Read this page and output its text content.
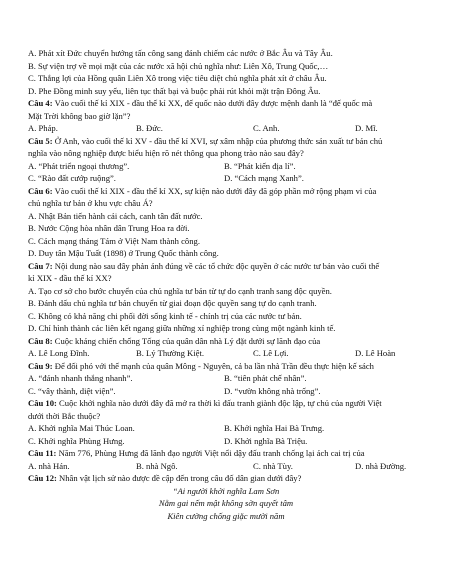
A. Phát xít Đức chuyển hướng tấn công sang đánh chiếm các nước ở Bắc Âu và Tây Âu.
B. Sự viện trợ về mọi mặt của các nước xã hội chủ nghĩa như: Liên Xô, Trung Quốc,…
C. Thắng lợi của Hồng quân Liên Xô trong việc tiêu diệt chủ nghĩa phát xít ở châu Âu.
D. Phe Đồng minh suy yếu, liên tục thất bại và buộc phải rút khỏi mặt trận Đông Âu.
Câu 4: Vào cuối thế kỉ XIX - đầu thế kỉ XX, đế quốc nào dưới đây được mệnh danh là “đế quốc mà
Mặt Trời không bao giờ lặn”?
A. Pháp.	B. Đức.	C. Anh.	D. Mĩ.
Câu 5: Ở Anh, vào cuối thế kỉ XV - đầu thế kỉ XVI, sự xâm nhập của phương thức sản xuất tư bản chủ
nghĩa vào nông nghiệp được biểu hiện rõ nét thông qua phong trào nào sau đây?
A. “Phát triển ngoại thương”.	B. “Phát kiến địa lí”.
C. “Rào đất cướp ruộng”.	D. “Cách mạng Xanh”.
Câu 6: Vào cuối thế kỉ XIX - đầu thế kỉ XX, sự kiện nào dưới đây đã góp phần mở rộng phạm vi của
chủ nghĩa tư bản ở khu vực châu Á?
A. Nhật Bản tiến hành cải cách, canh tân đất nước.
B. Nước Cộng hòa nhân dân Trung Hoa ra đời.
C. Cách mạng tháng Tám ở Việt Nam thành công.
D. Duy tân Mậu Tuất (1898) ở Trung Quốc thành công.
Câu 7: Nội dung nào sau đây phản ánh đúng về các tổ chức độc quyền ở các nước tư bản vào cuối thế
kỉ XIX - đầu thế kỉ XX?
A. Tạo cơ sở cho bước chuyển của chủ nghĩa tư bản từ tự do cạnh tranh sang độc quyền.
B. Đánh dấu chủ nghĩa tư bản chuyển từ giai đoạn độc quyền sang tự do cạnh tranh.
C. Không có khả năng chi phối đời sống kinh tế - chính trị của các nước tư bản.
D. Chỉ hình thành các liên kết ngang giữa những xí nghiệp trong cùng một ngành kinh tế.
Câu 8: Cuộc kháng chiến chống Tống của quân dân nhà Lý đặt dưới sự lãnh đạo của
A. Lê Long Đĩnh.	B. Lý Thường Kiệt.	C. Lê Lợi.	D. Lê Hoàn
Câu 9: Để đối phó với thế mạnh của quân Mông - Nguyên, cả ba lần nhà Trần đều thực hiện kế sách
A. “đánh nhanh thắng nhanh”.	B. “tiên phát chế nhân”.
C. “vây thành, diệt viện”.	D. “vườn không nhà trống”.
Câu 10: Cuộc khởi nghĩa nào dưới đây đã mở ra thời kì đấu tranh giành độc lập, tự chủ của người Việt
dưới thời Bắc thuộc?
A. Khởi nghĩa Mai Thúc Loan.	B. Khởi nghĩa Hai Bà Trưng.
C. Khởi nghĩa Phùng Hưng.	D. Khởi nghĩa Bà Triệu.
Câu 11: Năm 776, Phùng Hưng đã lãnh đạo người Việt nổi dậy đấu tranh chống lại ách cai trị của
A. nhà Hán.	B. nhà Ngô.	C. nhà Tùy.	D. nhà Đường.
Câu 12: Nhân vật lịch sử nào được đề cập đến trong câu đố dân gian dưới đây?
“Ai người khởi nghĩa Lam Sơn
Nằm gai nếm mật không sờn quyết tâm
Kiên cường chống giặc mười năm
